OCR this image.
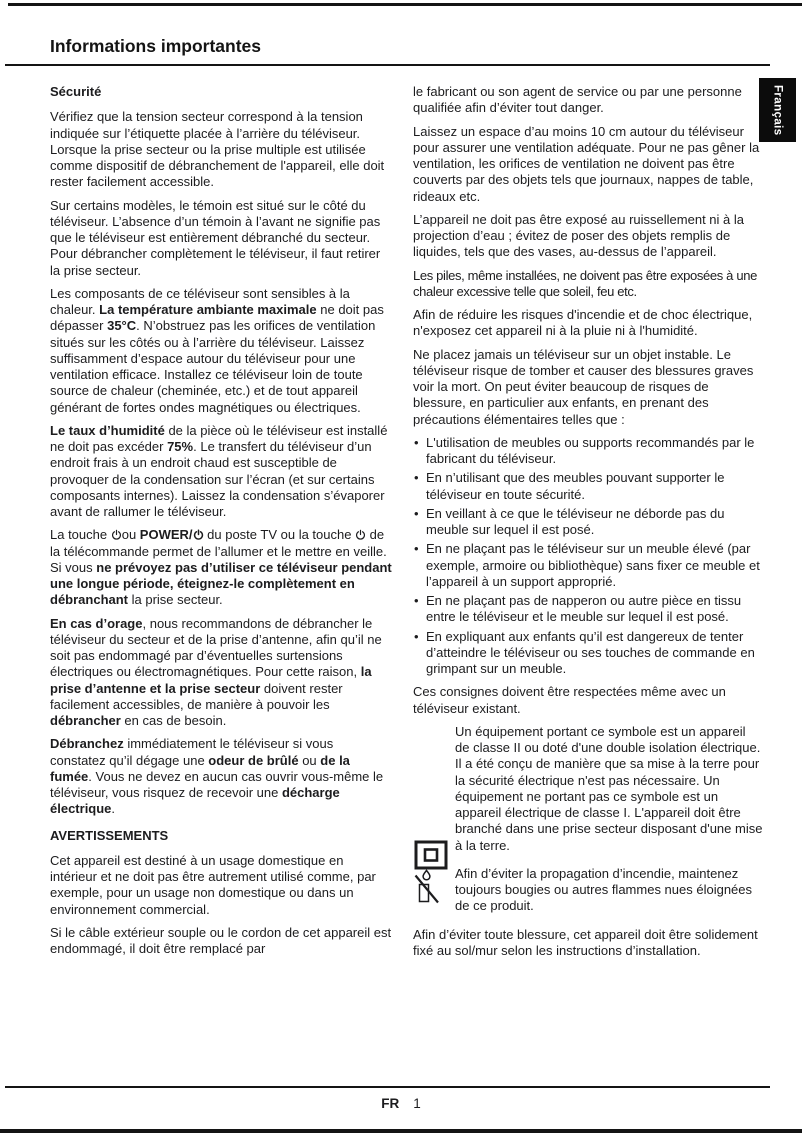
Informations importantes
Français
Sécurité

Vérifiez que la tension secteur correspond à la tension indiquée sur l’étiquette placée à l’arrière du téléviseur. Lorsque la prise secteur ou la prise multiple est utilisée comme dispositif de débranchement de l'appareil, elle doit rester facilement accessible.

Sur certains modèles, le témoin est situé sur le côté du téléviseur. L’absence d’un témoin à l’avant ne signifie pas que le téléviseur est entièrement débranché du secteur. Pour débrancher complètement le téléviseur, il faut retirer la prise secteur.

Les composants de ce téléviseur sont sensibles à la chaleur. La température ambiante maximale ne doit pas dépasser 35°C. N’obstruez pas les orifices de ventilation situés sur les côtés ou à l’arrière du téléviseur. Laissez suffisamment d’espace autour du téléviseur pour une ventilation efficace. Installez ce téléviseur loin de toute source de chaleur (cheminée, etc.) et de tout appareil générant de fortes ondes magnétiques ou électriques.

Le taux d’humidité de la pièce où le téléviseur est installé ne doit pas excéder 75%. Le transfert du téléviseur d’un endroit frais à un endroit chaud est susceptible de provoquer de la condensation sur l’écran (et sur certains composants internes). Laissez la condensation s’évaporer avant de rallumer le téléviseur.

La touche ou POWER/ du poste TV ou la touche  de la télécommande permet de l’allumer et le mettre en veille. Si vous ne prévoyez pas d’utiliser ce téléviseur pendant une longue période, éteignez-le complètement en débranchant la prise secteur.

En cas d’orage, nous recommandons de débrancher le téléviseur du secteur et de la prise d’antenne, afin qu’il ne soit pas endommagé par d’éventuelles surtensions électriques ou électromagnétiques. Pour cette raison, la prise d’antenne et la prise secteur doivent rester facilement accessibles, de manière à pouvoir les débrancher en cas de besoin.

Débranchez immédiatement le téléviseur si vous constatez qu’il dégage une odeur de brûlé ou de la fumée. Vous ne devez en aucun cas ouvrir vous-même le téléviseur, vous risquez de recevoir une décharge électrique.

AVERTISSEMENTS

Cet appareil est destiné à un usage domestique en intérieur et ne doit pas être autrement utilisé comme, par exemple, pour un usage non domestique ou dans un environnement commercial.

Si le câble extérieur souple ou le cordon de cet appareil est endommagé, il doit être remplacé par

le fabricant ou son agent de service ou par une personne qualifiée afin d’éviter tout danger.

Laissez un espace d’au moins 10 cm autour du téléviseur pour assurer une ventilation adéquate. Pour ne pas gêner la ventilation, les orifices de ventilation ne doivent pas être couverts par des objets tels que journaux, nappes de table, rideaux etc.

L’appareil ne doit pas être exposé au ruissellement ni à la projection d’eau ; évitez de poser des objets remplis de liquides, tels que des vases, au-dessus de l’appareil.

Les piles, même installées, ne doivent pas être exposées à une chaleur excessive telle que soleil, feu etc.

Afin de réduire les risques d'incendie et de choc électrique, n'exposez cet appareil ni à la pluie ni à l'humidité.

Ne placez jamais un téléviseur sur un objet instable. Le téléviseur risque de tomber et causer des blessures graves voir la mort. On peut éviter beaucoup de risques de blessure, en particulier aux enfants, en prenant des précautions élémentaires telles que :

• L'utilisation de meubles ou supports recommandés par le fabricant du téléviseur.
• En n’utilisant que des meubles pouvant supporter le téléviseur en toute sécurité.
• En veillant à ce que le téléviseur ne déborde pas du meuble sur lequel il est posé.
• En ne plaçant pas le téléviseur sur un meuble élevé (par exemple, armoire ou bibliothèque) sans fixer ce meuble et l’appareil à un support approprié.
• En ne plaçant pas de napperon ou autre pièce en tissu entre le téléviseur et le meuble sur lequel il est posé.
• En expliquant aux enfants qu’il est dangereux de tenter d’atteindre le téléviseur ou ses touches de commande en grimpant sur un meuble.

Ces consignes doivent être respectées même avec un téléviseur existant.

Un équipement portant ce symbole est un appareil de classe II ou doté d'une double isolation électrique. Il a été conçu de manière que sa mise à la terre pour la sécurité électrique n'est pas nécessaire. Un équipement ne portant pas ce symbole est un appareil électrique de classe I. L'appareil doit être branché dans une prise secteur disposant d'une mise à la terre.
Afin d’éviter la propagation d’incendie, maintenez toujours bougies ou autres flammes nues éloignées de ce produit.

Afin d’éviter toute blessure, cet appareil doit être solidement fixé au sol/mur selon les instructions d’installation.

FR 1
